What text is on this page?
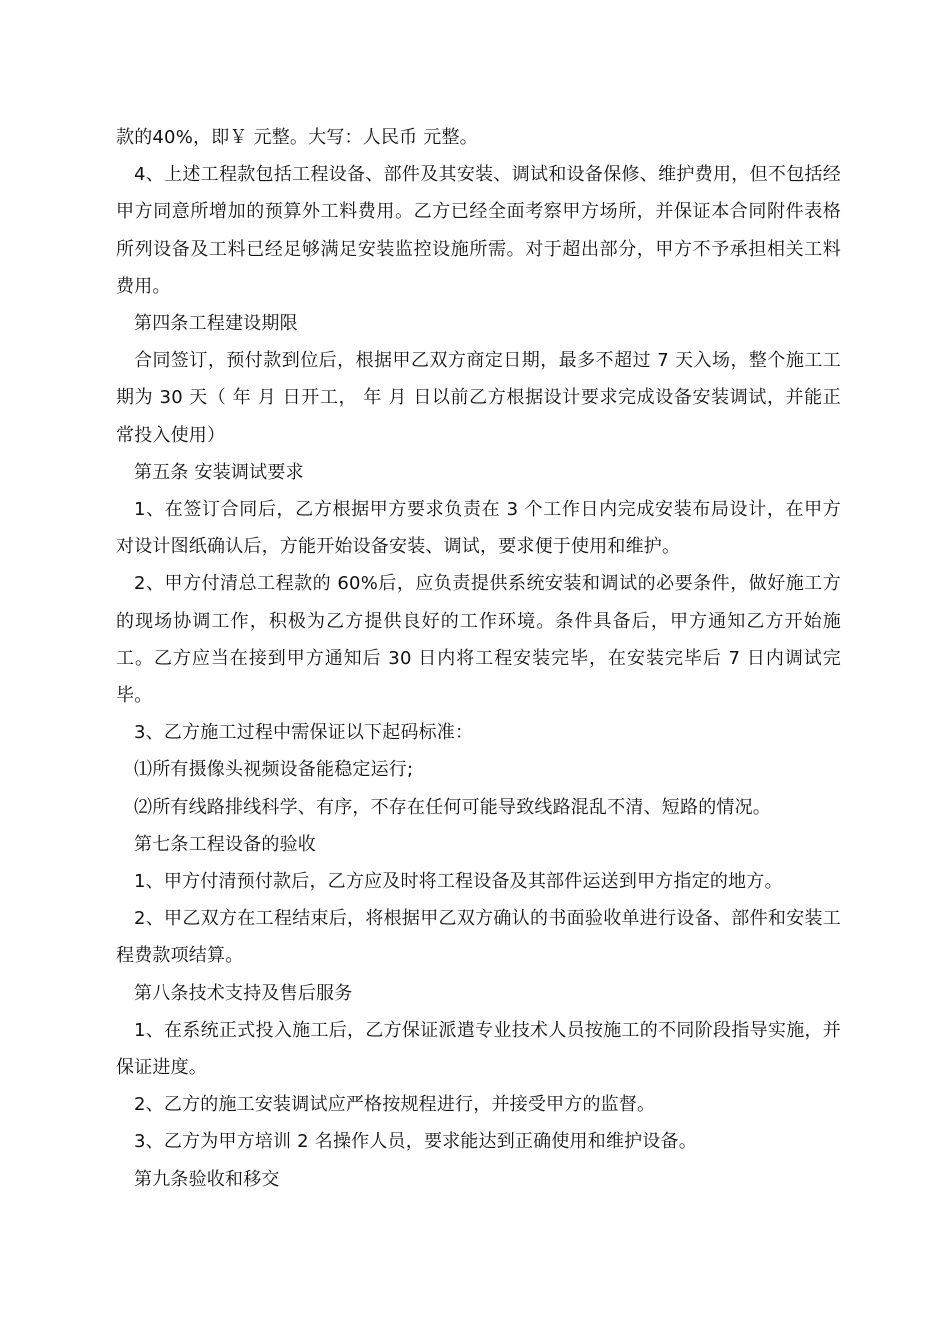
款的40%，即￥ 元整。大写：人民币 元整。

4、上述工程款包括工程设备、部件及其安装、调试和设备保修、维护费用，但不包括经甲方同意所增加的预算外工料费用。乙方已经全面考察甲方场所，并保证本合同附件表格所列设备及工料已经足够满足安装监控设施所需。对于超出部分，甲方不予承担相关工料费用。

第四条工程建设期限

合同签订，预付款到位后，根据甲乙双方商定日期，最多不超过 7 天入场，整个施工工期为 30 天（ 年 月 日开工， 年 月 日以前乙方根据设计要求完成设备安装调试，并能正常投入使用）

第五条 安装调试要求

1、在签订合同后，乙方根据甲方要求负责在 3 个工作日内完成安装布局设计，在甲方对设计图纸确认后，方能开始设备安装、调试，要求便于使用和维护。

2、甲方付清总工程款的 60%后，应负责提供系统安装和调试的必要条件，做好施工方的现场协调工作，积极为乙方提供良好的工作环境。条件具备后，甲方通知乙方开始施工。乙方应当在接到甲方通知后 30 日内将工程安装完毕，在安装完毕后 7 日内调试完毕。

3、乙方施工过程中需保证以下起码标准：

⑴所有摄像头视频设备能稳定运行;

⑵所有线路排线科学、有序，不存在任何可能导致线路混乱不清、短路的情况。

第七条工程设备的验收

1、甲方付清预付款后，乙方应及时将工程设备及其部件运送到甲方指定的地方。

2、甲乙双方在工程结束后，将根据甲乙双方确认的书面验收单进行设备、部件和安装工程费款项结算。

第八条技术支持及售后服务

1、在系统正式投入施工后，乙方保证派遣专业技术人员按施工的不同阶段指导实施，并保证进度。

2、乙方的施工安装调试应严格按规程进行，并接受甲方的监督。

3、乙方为甲方培训 2 名操作人员，要求能达到正确使用和维护设备。

第九条验收和移交
